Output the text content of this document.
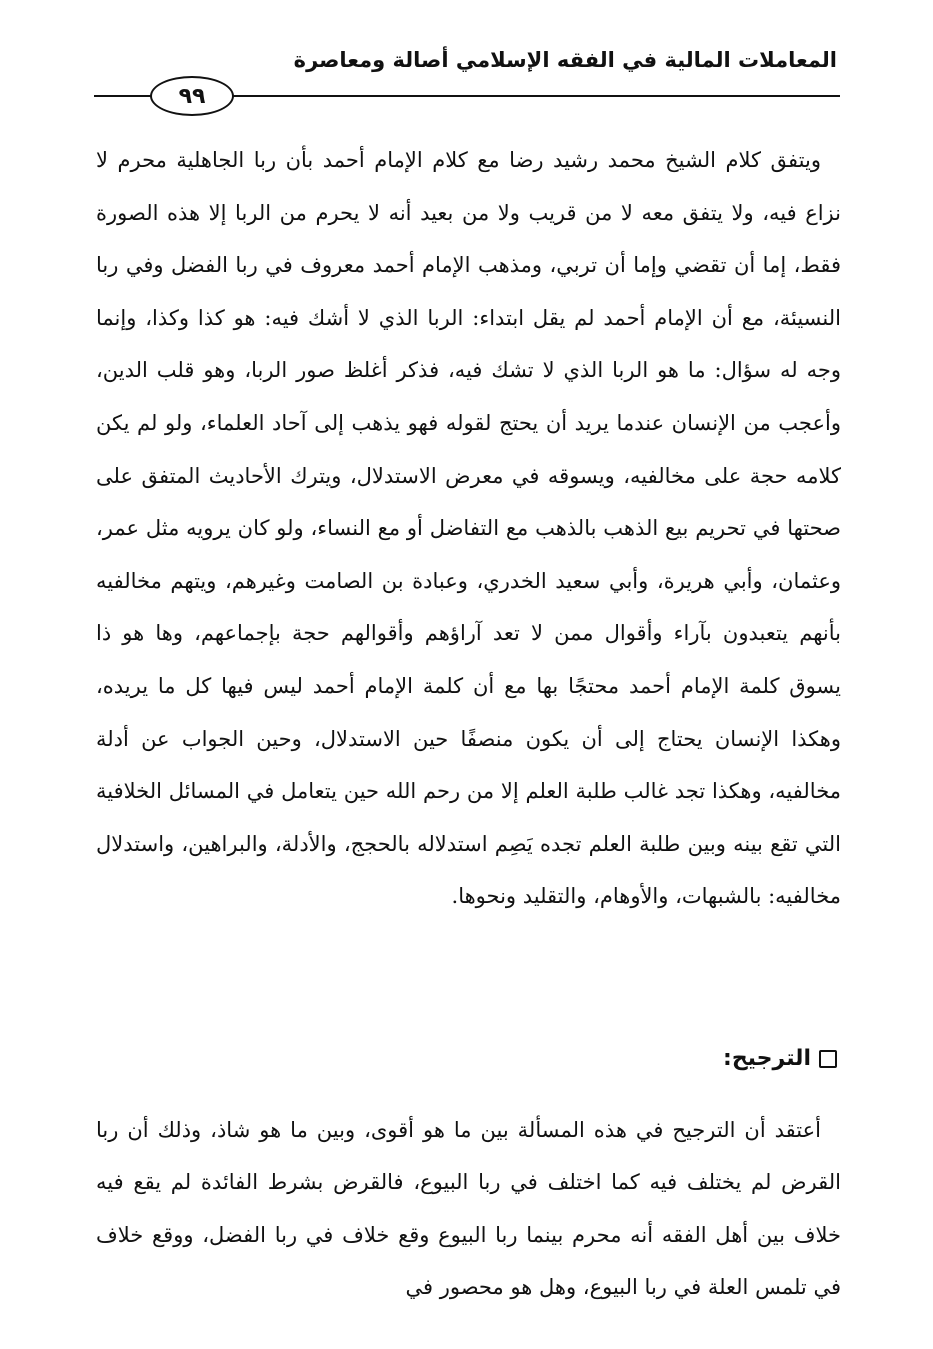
المعاملات المالية في الفقه الإسلامي أصالة ومعاصرة
٩٩

ويتفق كلام الشيخ محمد رشيد رضا مع كلام الإمام أحمد بأن ربا الجاهلية محرم لا نزاع فيه، ولا يتفق معه لا من قريب ولا من بعيد أنه لا يحرم من الربا إلا هذه الصورة فقط، إما أن تقضي وإما أن تربي، ومذهب الإمام أحمد معروف في ربا الفضل وفي ربا النسيئة، مع أن الإمام أحمد لم يقل ابتداء: الربا الذي لا أشك فيه: هو كذا وكذا، وإنما وجه له سؤال: ما هو الربا الذي لا تشك فيه، فذكر أغلظ صور الربا، وهو قلب الدين، وأعجب من الإنسان عندما يريد أن يحتج لقوله فهو يذهب إلى آحاد العلماء، ولو لم يكن كلامه حجة على مخالفيه، ويسوقه في معرض الاستدلال، ويترك الأحاديث المتفق على صحتها في تحريم بيع الذهب بالذهب مع التفاضل أو مع النساء، ولو كان يرويه مثل عمر، وعثمان، وأبي هريرة، وأبي سعيد الخدري، وعبادة بن الصامت وغيرهم، ويتهم مخالفيه بأنهم يتعبدون بآراء وأقوال ممن لا تعد آراؤهم وأقوالهم حجة بإجماعهم، وها هو ذا يسوق كلمة الإمام أحمد محتجًا بها مع أن كلمة الإمام أحمد ليس فيها كل ما يريده، وهكذا الإنسان يحتاج إلى أن يكون منصفًا حين الاستدلال، وحين الجواب عن أدلة مخالفيه، وهكذا تجد غالب طلبة العلم إلا من رحم الله حين يتعامل في المسائل الخلافية التي تقع بينه وبين طلبة العلم تجده يَصِم استدلاله بالحجج، والأدلة، والبراهين، واستدلال مخالفيه: بالشبهات، والأوهام، والتقليد ونحوها.

الترجيح:

أعتقد أن الترجيح في هذه المسألة بين ما هو أقوى، وبين ما هو شاذ، وذلك أن ربا القرض لم يختلف فيه كما اختلف في ربا البيوع، فالقرض بشرط الفائدة لم يقع فيه خلاف بين أهل الفقه أنه محرم بينما ربا البيوع وقع خلاف في ربا الفضل، ووقع خلاف في تلمس العلة في ربا البيوع، وهل هو محصور في
